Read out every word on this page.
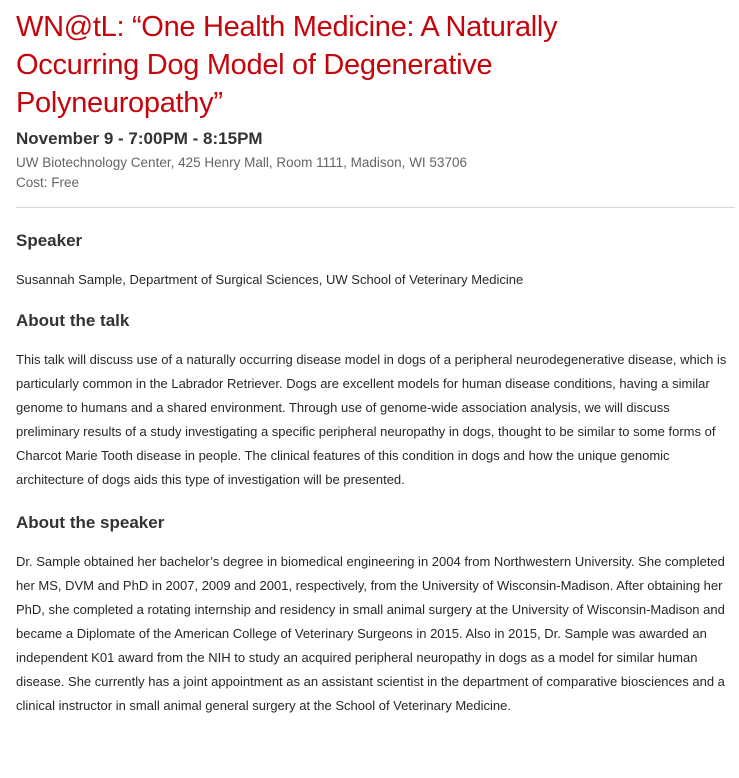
WN@tL: “One Health Medicine: A Naturally Occurring Dog Model of Degenerative Polyneuropathy”
November 9 - 7:00PM - 8:15PM
UW Biotechnology Center, 425 Henry Mall, Room 1111, Madison, WI 53706
Cost: Free
Speaker

Susannah Sample, Department of Surgical Sciences, UW School of Veterinary Medicine

About the talk

This talk will discuss use of a naturally occurring disease model in dogs of a peripheral neurodegenerative disease, which is particularly common in the Labrador Retriever. Dogs are excellent models for human disease conditions, having a similar genome to humans and a shared environment. Through use of genome-wide association analysis, we will discuss preliminary results of a study investigating a specific peripheral neuropathy in dogs, thought to be similar to some forms of Charcot Marie Tooth disease in people. The clinical features of this condition in dogs and how the unique genomic architecture of dogs aids this type of investigation will be presented.

About the speaker

Dr. Sample obtained her bachelor’s degree in biomedical engineering in 2004 from Northwestern University. She completed her MS, DVM and PhD in 2007, 2009 and 2001, respectively, from the University of Wisconsin-Madison. After obtaining her PhD, she completed a rotating internship and residency in small animal surgery at the University of Wisconsin-Madison and became a Diplomate of the American College of Veterinary Surgeons in 2015. Also in 2015, Dr. Sample was awarded an independent K01 award from the NIH to study an acquired peripheral neuropathy in dogs as a model for similar human disease. She currently has a joint appointment as an assistant scientist in the department of comparative biosciences and a clinical instructor in small animal general surgery at the School of Veterinary Medicine.
